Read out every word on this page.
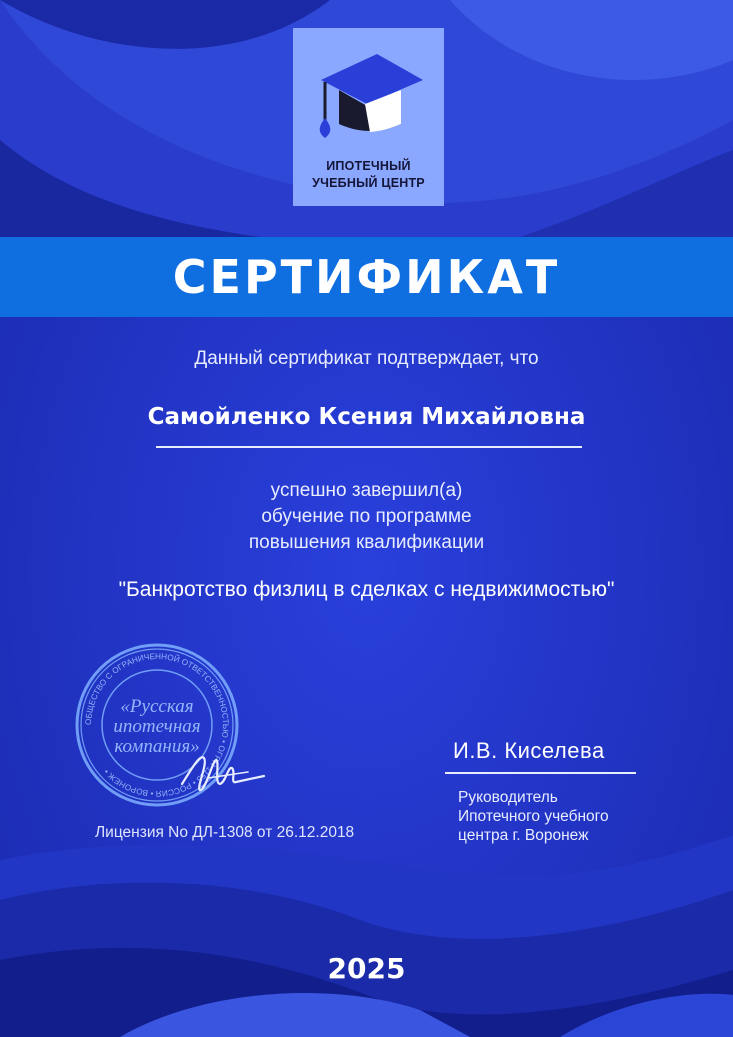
ИПОТЕЧНЫЙ
УЧЕБНЫЙ ЦЕНТР
СЕРТИФИКАТ
Данный сертификат подтверждает, что
Самойленко Ксения Михайловна
успешно завершил(а)
обучение по программе
повышения квалификации
"Банкротство физлиц в сделках с недвижимостью"
ОБЩЕСТВО С ОГРАНИЧЕННОЙ ОТВЕТСТВЕННОСТЬЮ • ОГРН 1155 • РОССИЯ • ВОРОНЕЖ •
«Русская
ипотечная
компания»
Лицензия No ДЛ-1308 от 26.12.2018
И.В. Киселева
Руководитель
Ипотечного учебного
центра г. Воронеж
2025
